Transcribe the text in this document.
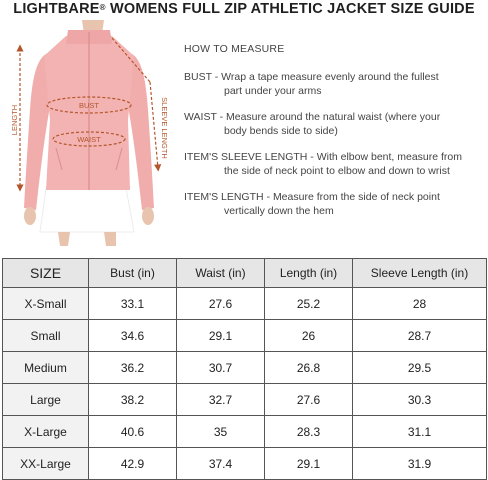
LIGHTBARE® WOMENS FULL ZIP ATHLETIC JACKET SIZE GUIDE
LENGTH	SLEEVE LENGTH
BUST
WAIST
HOW TO MEASURE
BUST - Wrap a tape measure evenly around the fullest
part under your arms
WAIST - Measure around the natural waist (where your
body bends side to side)
ITEM'S SLEEVE LENGTH - With elbow bent, measure from
the side of neck point to elbow and down to wrist
ITEM'S LENGTH - Measure from the side of neck point
vertically down the hem
SIZE	Bust (in)	Waist (in)	Length (in)	Sleeve Length (in)
X-Small	33.1	27.6	25.2	28
Small	34.6	29.1	26	28.7
Medium	36.2	30.7	26.8	29.5
Large	38.2	32.7	27.6	30.3
X-Large	40.6	35	28.3	31.1
XX-Large	42.9	37.4	29.1	31.9
